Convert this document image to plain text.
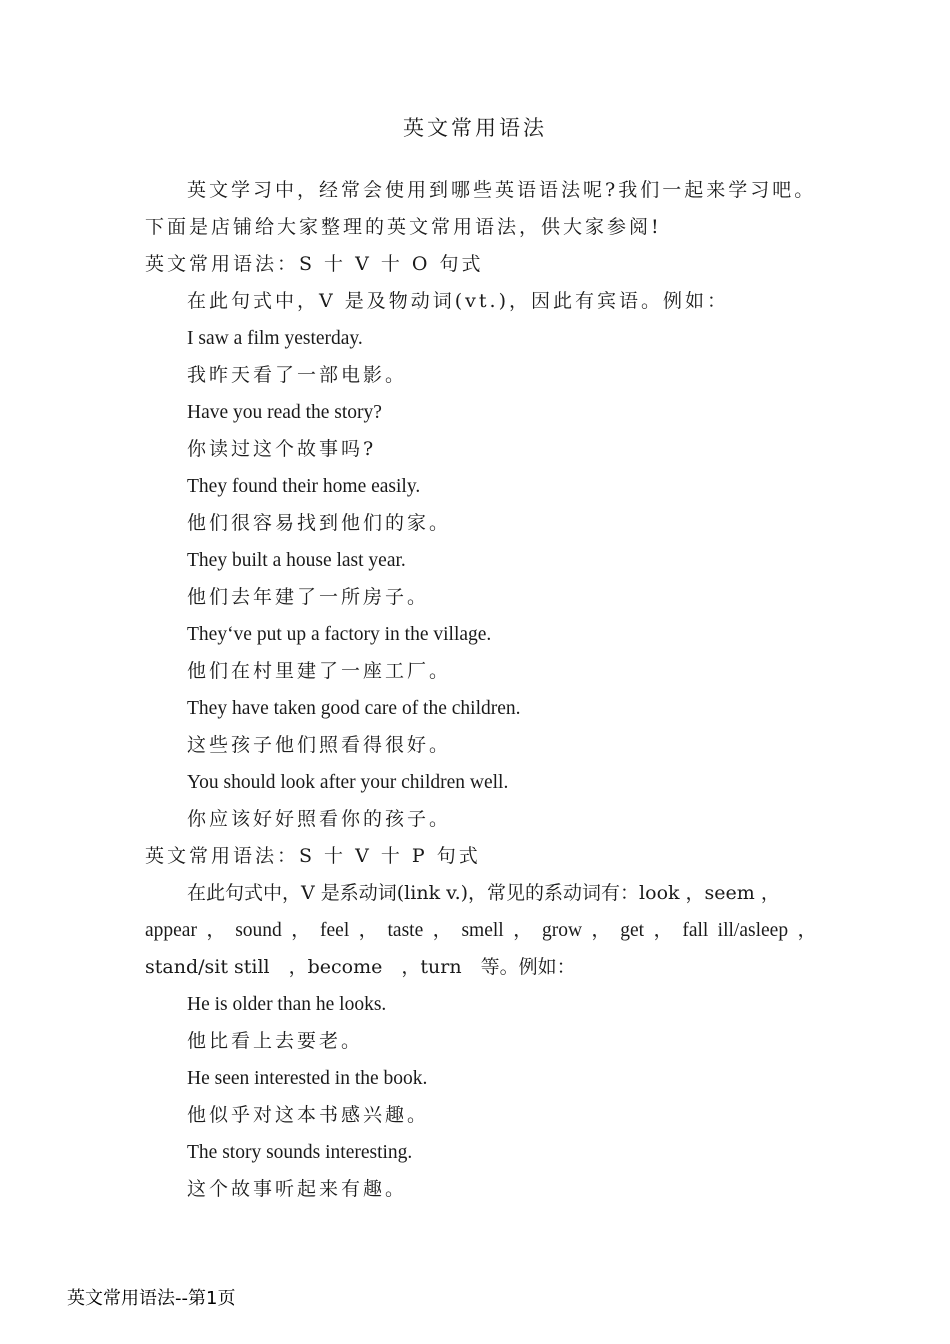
英文常用语法
英文学习中，经常会使用到哪些英语语法呢?我们一起来学习吧。
下面是店铺给大家整理的英文常用语法，供大家参阅!
英文常用语法：S 十 V 十 O 句式
在此句式中，V 是及物动词(vt.)，因此有宾语。例如：
I saw a film yesterday.
我昨天看了一部电影。
Have you read the story?
你读过这个故事吗?
They found their home easily.
他们很容易找到他们的家。
They built a house last year.
他们去年建了一所房子。
They‘ve put up a factory in the village.
他们在村里建了一座工厂。
They have taken good care of the children.
这些孩子他们照看得很好。
You should look after your children well.
你应该好好照看你的孩子。
英文常用语法：S 十 V 十 P 句式
在此句式中，V 是系动词(link v.)，常见的系动词有：look ，seem ，
appear ， sound ， feel ， taste ， smell ， grow ， get ， fall ill/asleep ，
stand/sit still　，become　，turn　等。例如：
He is older than he looks.
他比看上去要老。
He seen interested in the book.
他似乎对这本书感兴趣。
The story sounds interesting.
这个故事听起来有趣。
英文常用语法--第1页
